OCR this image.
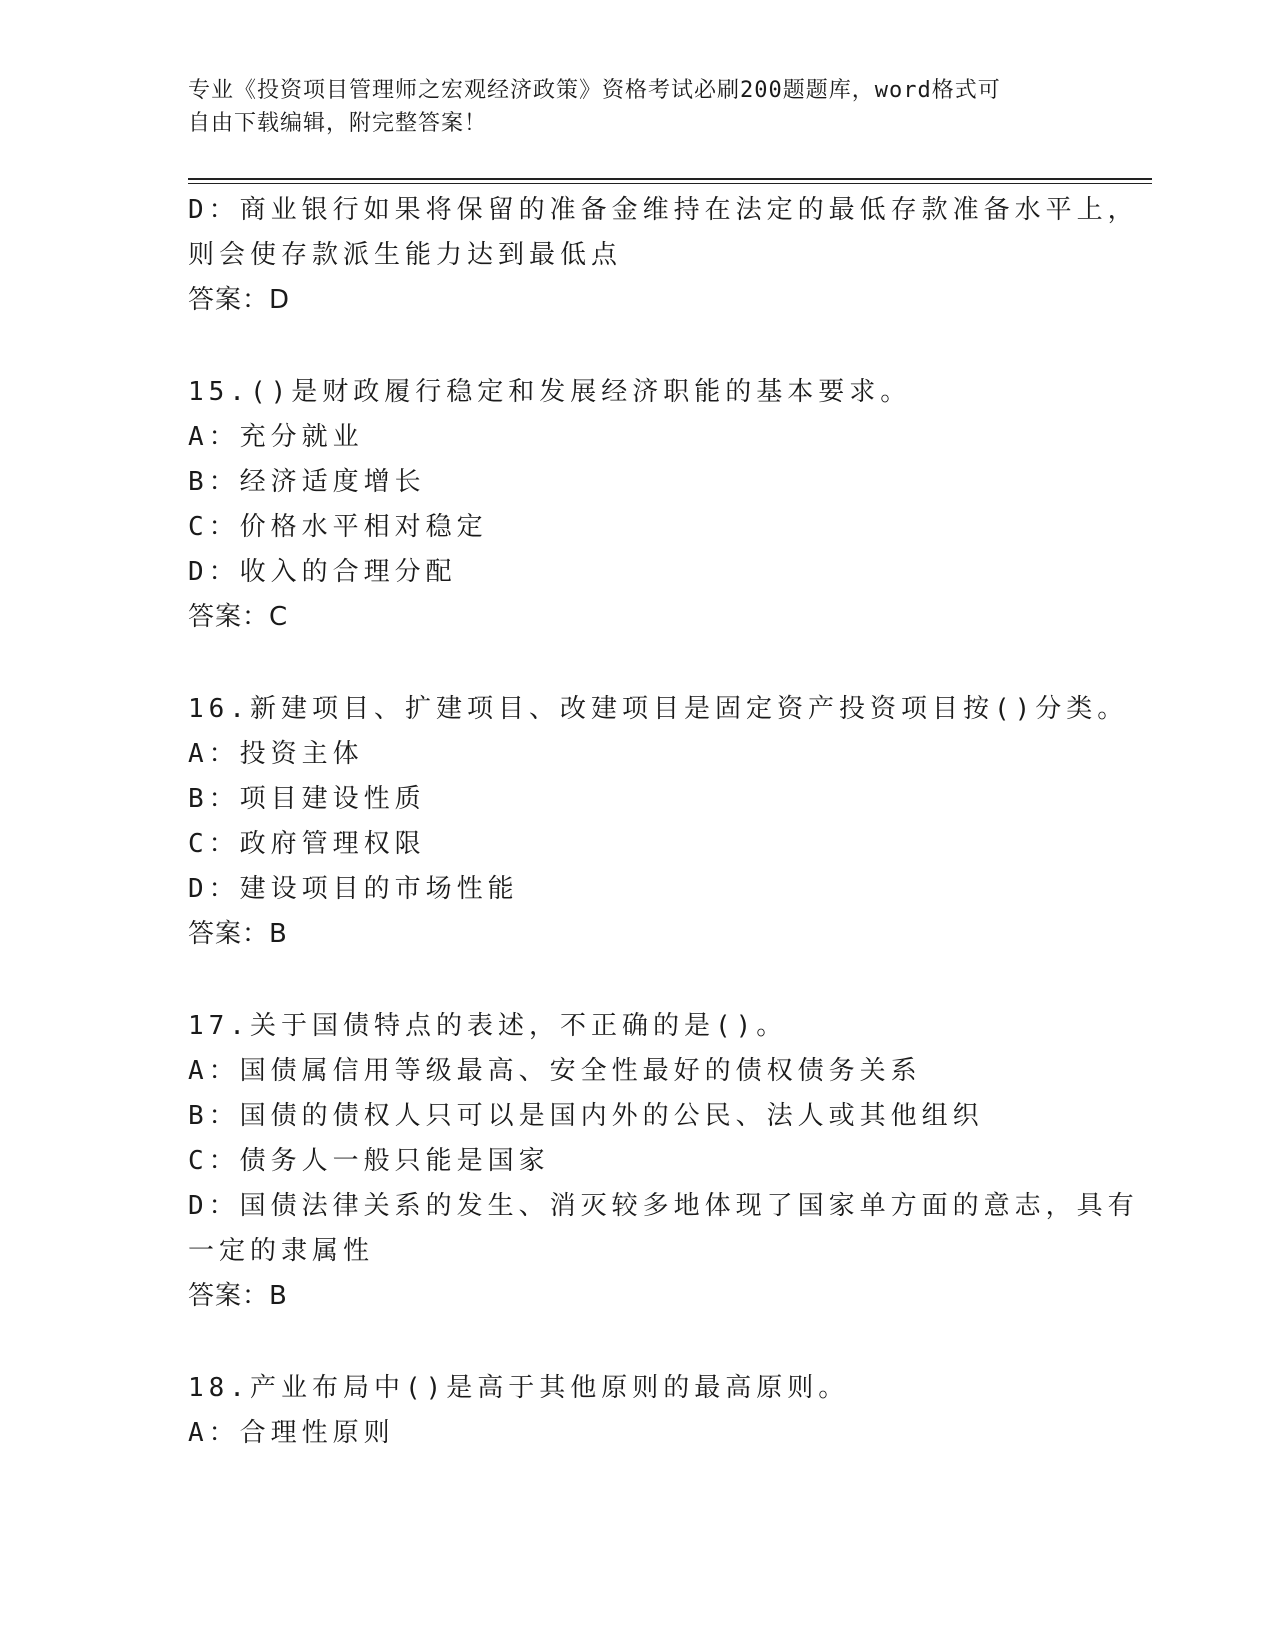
专业《投资项目管理师之宏观经济政策》资格考试必刷200题题库，word格式可
自由下载编辑，附完整答案！
D：商业银行如果将保留的准备金维持在法定的最低存款准备水平上，
则会使存款派生能力达到最低点
答案：D
15.()是财政履行稳定和发展经济职能的基本要求。
A：充分就业
B：经济适度增长
C：价格水平相对稳定
D：收入的合理分配
答案：C
16.新建项目、扩建项目、改建项目是固定资产投资项目按()分类。
A：投资主体
B：项目建设性质
C：政府管理权限
D：建设项目的市场性能
答案：B
17.关于国债特点的表述，不正确的是()。
A：国债属信用等级最高、安全性最好的债权债务关系
B：国债的债权人只可以是国内外的公民、法人或其他组织
C：债务人一般只能是国家
D：国债法律关系的发生、消灭较多地体现了国家单方面的意志，具有
一定的隶属性
答案：B
18.产业布局中()是高于其他原则的最高原则。
A：合理性原则
